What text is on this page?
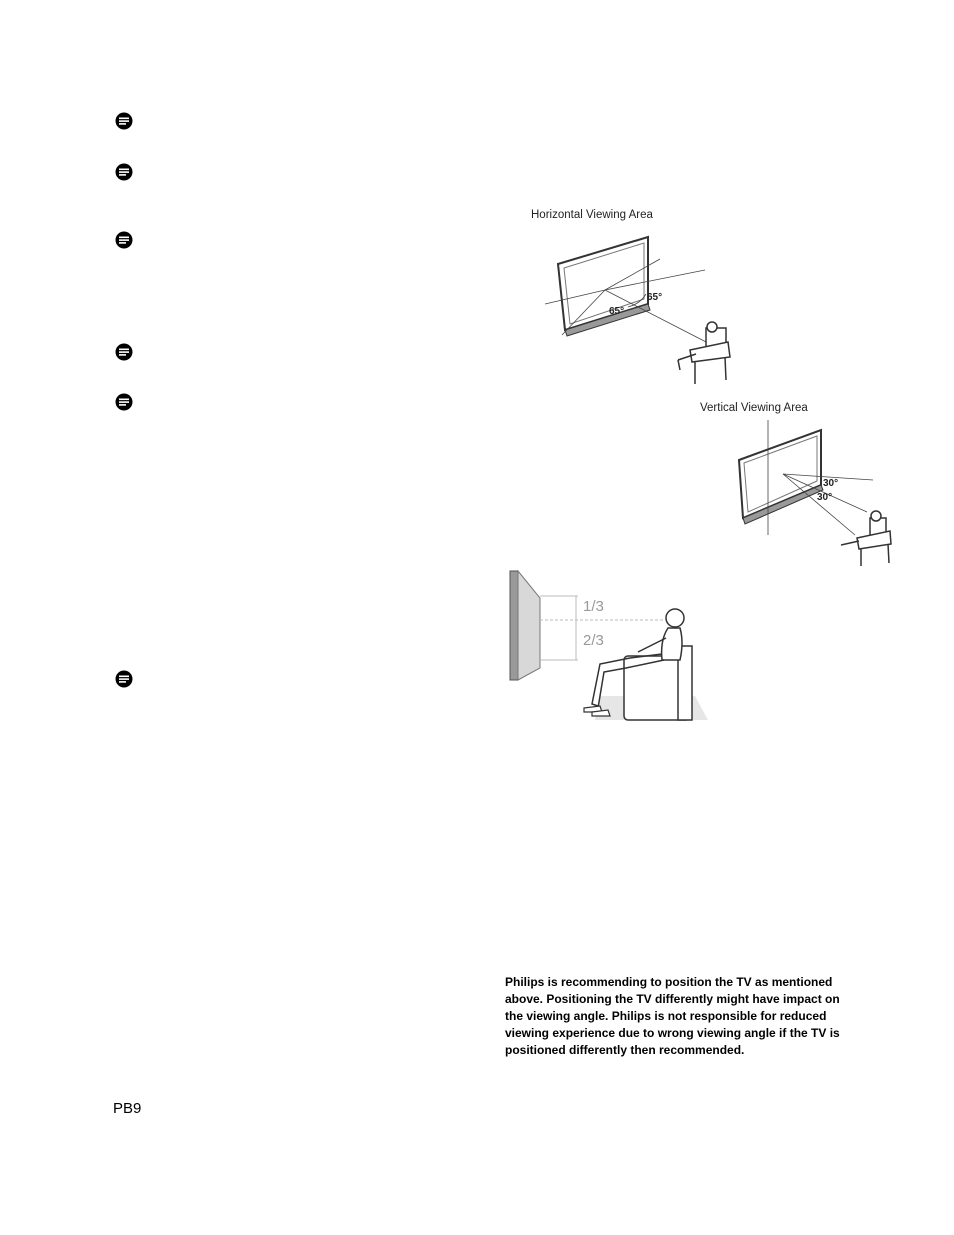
Horizontal Viewing Area
65°
65°
Vertical Viewing Area
30°
30°
1/3
2/3
Philips is recommending to position the TV as mentioned above. Positioning the TV differently might have impact on the viewing angle. Philips is not responsible for reduced viewing experience due to wrong viewing angle if the TV is positioned differently then recommended.
PB9
